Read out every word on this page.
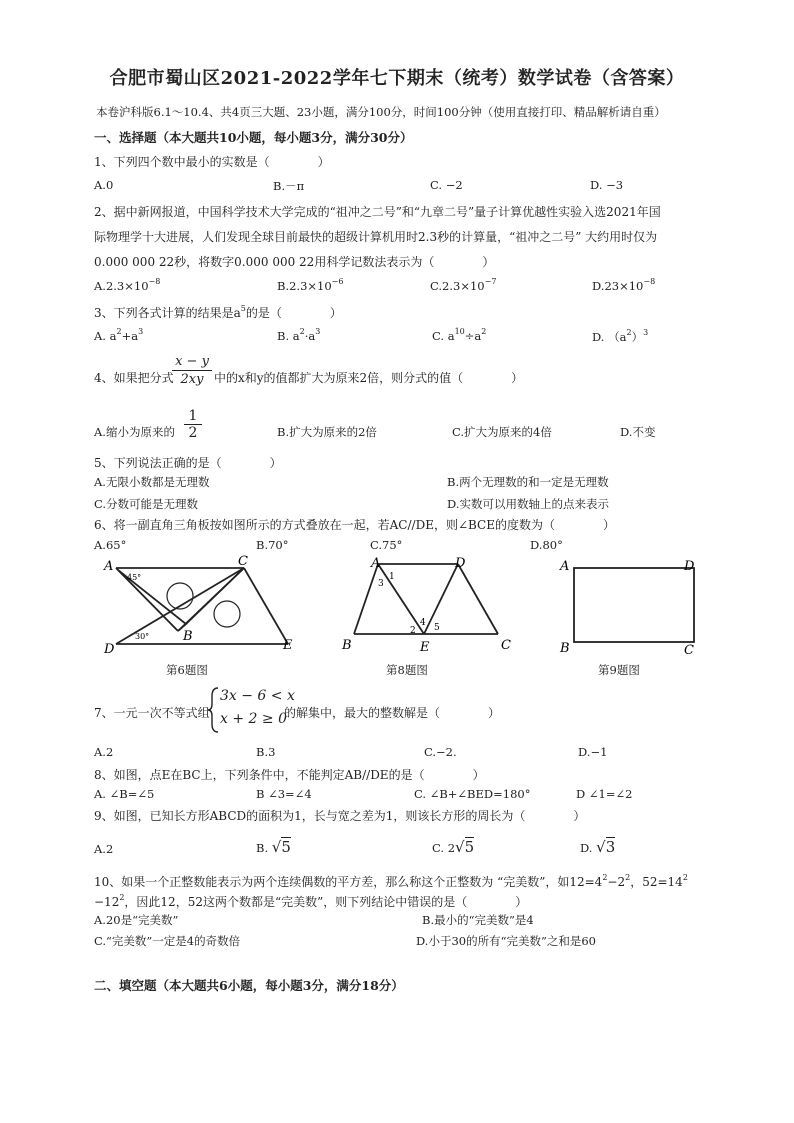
合肥市蜀山区2021-2022学年七下期末（统考）数学试卷（含答案）
本卷沪科版6.1～10.4、共4页三大题、23小题，满分100分，时间100分钟（使用直接打印、精品解析请自重）
一、选择题（本大题共10小题，每小题3分，满分30分）
1、下列四个数中最小的实数是（　　　　）
A.0	B.－π	C. −2	D. −3
2、据中新网报道，中国科学技术大学完成的“祖冲之二号”和“九章二号”量子计算优越性实验入选2021年国
际物理学十大进展，人们发现全球目前最快的超级计算机用时2.3秒的计算量，“祖冲之二号” 大约用时仅为
0.000 000 22秒，将数字0.000 000 22用科学记数法表示为（　　　　）
$A.2.3\times 10^{-8}$	$B.2.3\times 10^{-6}$	$C.2.3\times 10^{-7}$	$D.23\times 10^{-8}$
3、下列各式计算的结果是$a^5$的是（　　　　）
A. $a^2+a^3$	B. $a^2\cdot a^3$	C. $a^{10}\div a^2$	D. $(a^2)^3$
4、如果把分式
$\frac{x - y}{2xy}$ 中的x和y的值都扩大为原来2倍，则分式的值（　　　　）
A.缩小为原来的 $\frac{1}{2}$	B.扩大为原来的2倍	C.扩大为原来的4倍	D.不变
5、下列说法正确的是（　　　　）
A.无限小数都是无理数	B.两个无理数的和一定是无理数
C.分数可能是无理数	D.实数可以用数轴上的点来表示
6、将一副直角三角板按如图所示的方式叠放在一起，若AC//DE，则∠BCE的度数为（　　　　）
A.65°	B.70°	C.75°	D.80°
A	C
B
D	E
45°
30°
第6题图
A	D
B	E	C
1
3
4
2 5
第8题图
A	D
B	C
第9题图
7、一元一次不等式组
3x − 6 < x
x + 2 ≥ 0
的解集中，最大的整数解是（　　　　）
A.2	B.3	C.−2.	D.−1
8、如图，点E在BC上，下列条件中，不能判定AB//DE的是（　　　　）
A. ∠B=∠5	B ∠3=∠4	C. ∠B+∠BED=180°	D ∠1=∠2
9、如图，已知长方形ABCD的面积为1，长与宽之差为1，则该长方形的周长为（　　　　）
A.2	B. √5	C. 2√5	D. √3
10、如果一个正整数能表示为两个连续偶数的平方差，那么称这个正整数为 “完美数”，如$12=4^2-2^2$，$52=14^2$
$-12^2$，因此12，52这两个数都是“完美数”，则下列结论中错误的是（　　　　）
A.20是“完美数”	B.最小的“完美数”是4
C.“完美数”一定是4的奇数倍	D.小于30的所有“完美数”之和是60
二、填空题（本大题共6小题，每小题3分，满分18分）
